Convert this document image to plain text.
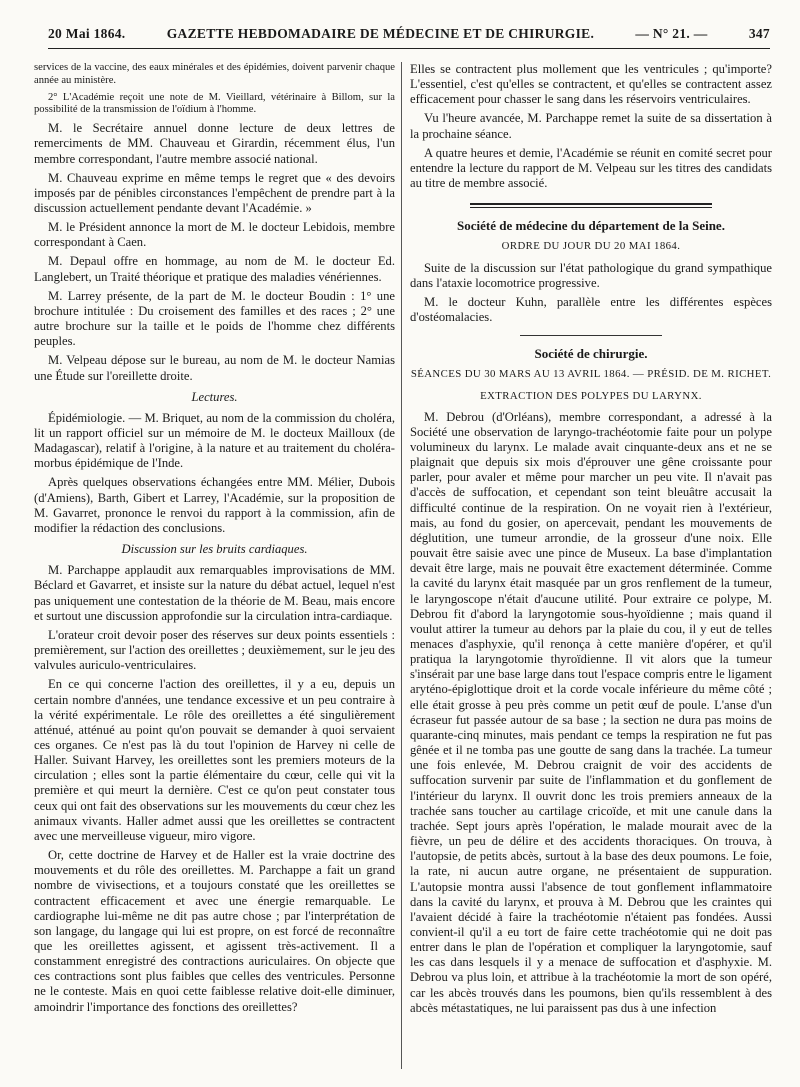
20 Mai 1864.	GAZETTE HEBDOMADAIRE DE MÉDECINE ET DE CHIRURGIE.	— N° 21. —	347

services de la vaccine, des eaux minérales et des épidémies, doivent parvenir chaque année au ministère.

2° L'Académie reçoit une note de M. Vieillard, vétérinaire à Billom, sur la possibilité de la transmission de l'oïdium à l'homme.

M. le Secrétaire annuel donne lecture de deux lettres de remerciments de MM. Chauveau et Girardin, récemment élus, l'un membre correspondant, l'autre membre associé national.

M. Chauveau exprime en même temps le regret que « des devoirs imposés par de pénibles circonstances l'empêchent de prendre part à la discussion actuellement pendante devant l'Académie. »

M. le Président annonce la mort de M. le docteur Lebidois, membre correspondant à Caen.

M. Depaul offre en hommage, au nom de M. le docteur Ed. Langlebert, un Traité théorique et pratique des maladies vénériennes.

M. Larrey présente, de la part de M. le docteur Boudin : 1° une brochure intitulée : Du croisement des familles et des races ; 2° une autre brochure sur la taille et le poids de l'homme chez différents peuples.

M. Velpeau dépose sur le bureau, au nom de M. le docteur Namias une Étude sur l'oreillette droite.

Lectures.

Épidémiologie. — M. Briquet, au nom de la commission du choléra, lit un rapport officiel sur un mémoire de M. le docteux Mailloux (de Madagascar), relatif à l'origine, à la nature et au traitement du choléra-morbus épidémique de l'Inde.

Après quelques observations échangées entre MM. Mélier, Dubois (d'Amiens), Barth, Gibert et Larrey, l'Académie, sur la proposition de M. Gavarret, prononce le renvoi du rapport à la commission, afin de modifier la rédaction des conclusions.

Discussion sur les bruits cardiaques.

M. Parchappe applaudit aux remarquables improvisations de MM. Béclard et Gavarret, et insiste sur la nature du débat actuel, lequel n'est pas uniquement une contestation de la théorie de M. Beau, mais encore et surtout une discussion approfondie sur la circulation intra-cardiaque.

L'orateur croit devoir poser des réserves sur deux points essentiels : premièrement, sur l'action des oreillettes ; deuxièmement, sur le jeu des valvules auriculo-ventriculaires.

En ce qui concerne l'action des oreillettes, il y a eu, depuis un certain nombre d'années, une tendance excessive et un peu contraire à la vérité expérimentale. Le rôle des oreillettes a été singulièrement atténué, atténué au point qu'on pouvait se demander à quoi servaient ces organes. Ce n'est pas là du tout l'opinion de Harvey ni celle de Haller. Suivant Harvey, les oreillettes sont les premiers moteurs de la circulation ; elles sont la partie élémentaire du cœur, celle qui vit la première et qui meurt la dernière. C'est ce qu'on peut constater tous ceux qui ont fait des observations sur les mouvements du cœur chez les animaux vivants. Haller admet aussi que les oreillettes se contractent avec une merveilleuse vigueur, miro vigore.

Or, cette doctrine de Harvey et de Haller est la vraie doctrine des mouvements et du rôle des oreillettes. M. Parchappe a fait un grand nombre de vivisections, et a toujours constaté que les oreillettes se contractent efficacement et avec une énergie remarquable. Le cardiographe lui-même ne dit pas autre chose ; par l'interprétation de son langage, du langage qui lui est propre, on est forcé de reconnaître que les oreillettes agissent, et agissent très-activement. Il a constamment enregistré des contractions auriculaires. On objecte que ces contractions sont plus faibles que celles des ventricules. Personne ne le conteste. Mais en quoi cette faiblesse relative doit-elle diminuer, amoindrir l'importance des fonctions des oreillettes?

Elles se contractent plus mollement que les ventricules ; qu'importe? L'essentiel, c'est qu'elles se contractent, et qu'elles se contractent assez efficacement pour chasser le sang dans les réservoirs ventriculaires.

Vu l'heure avancée, M. Parchappe remet la suite de sa dissertation à la prochaine séance.

A quatre heures et demie, l'Académie se réunit en comité secret pour entendre la lecture du rapport de M. Velpeau sur les titres des candidats au titre de membre associé.

Société de médecine du département de la Seine.

ORDRE DU JOUR DU 20 MAI 1864.

Suite de la discussion sur l'état pathologique du grand sympathique dans l'ataxie locomotrice progressive.

M. le docteur Kuhn, parallèle entre les différentes espèces d'ostéomalacies.

Société de chirurgie.

SÉANCES DU 30 MARS AU 13 AVRIL 1864. — PRÉSID. DE M. RICHET.

EXTRACTION DES POLYPES DU LARYNX.

M. Debrou (d'Orléans), membre correspondant, a adressé à la Société une observation de laryngo-trachéotomie faite pour un polype volumineux du larynx. Le malade avait cinquante-deux ans et ne se plaignait que depuis six mois d'éprouver une gêne croissante pour parler, pour avaler et même pour marcher un peu vite. Il n'avait pas d'accès de suffocation, et cependant son teint bleuâtre accusait la difficulté continue de la respiration. On ne voyait rien à l'extérieur, mais, au fond du gosier, on apercevait, pendant les mouvements de déglutition, une tumeur arrondie, de la grosseur d'une noix. Elle pouvait être saisie avec une pince de Museux. La base d'implantation devait être large, mais ne pouvait être exactement déterminée. Comme la cavité du larynx était masquée par un gros renflement de la tumeur, le laryngoscope n'était d'aucune utilité. Pour extraire ce polype, M. Debrou fit d'abord la laryngotomie sous-hyoïdienne ; mais quand il voulut attirer la tumeur au dehors par la plaie du cou, il y eut de telles menaces d'asphyxie, qu'il renonça à cette manière d'opérer, et qu'il pratiqua la laryngotomie thyroïdienne. Il vit alors que la tumeur s'insérait par une base large dans tout l'espace compris entre le ligament aryténo-épiglottique droit et la corde vocale inférieure du même côté ; elle était grosse à peu près comme un petit œuf de poule. L'anse d'un écraseur fut passée autour de sa base ; la section ne dura pas moins de quarante-cinq minutes, mais pendant ce temps la respiration ne fut pas gênée et il ne tomba pas une goutte de sang dans la trachée. La tumeur une fois enlevée, M. Debrou craignit de voir des accidents de suffocation survenir par suite de l'inflammation et du gonflement de l'intérieur du larynx. Il ouvrit donc les trois premiers anneaux de la trachée sans toucher au cartilage cricoïde, et mit une canule dans la trachée. Sept jours après l'opération, le malade mourait avec de la fièvre, un peu de délire et des accidents thoraciques. On trouva, à l'autopsie, de petits abcès, surtout à la base des deux poumons. Le foie, la rate, ni aucun autre organe, ne présentaient de suppuration. L'autopsie montra aussi l'absence de tout gonflement inflammatoire dans la cavité du larynx, et prouva à M. Debrou que les craintes qui l'avaient décidé à faire la trachéotomie n'étaient pas fondées. Aussi convient-il qu'il a eu tort de faire cette trachéotomie qui ne doit pas entrer dans le plan de l'opération et compliquer la laryngotomie, sauf les cas dans lesquels il y a menace de suffocation et d'asphyxie. M. Debrou va plus loin, et attribue à la trachéotomie la mort de son opéré, car les abcès trouvés dans les poumons, bien qu'ils ressemblent à des abcès métastatiques, ne lui paraissent pas dus à une infection
